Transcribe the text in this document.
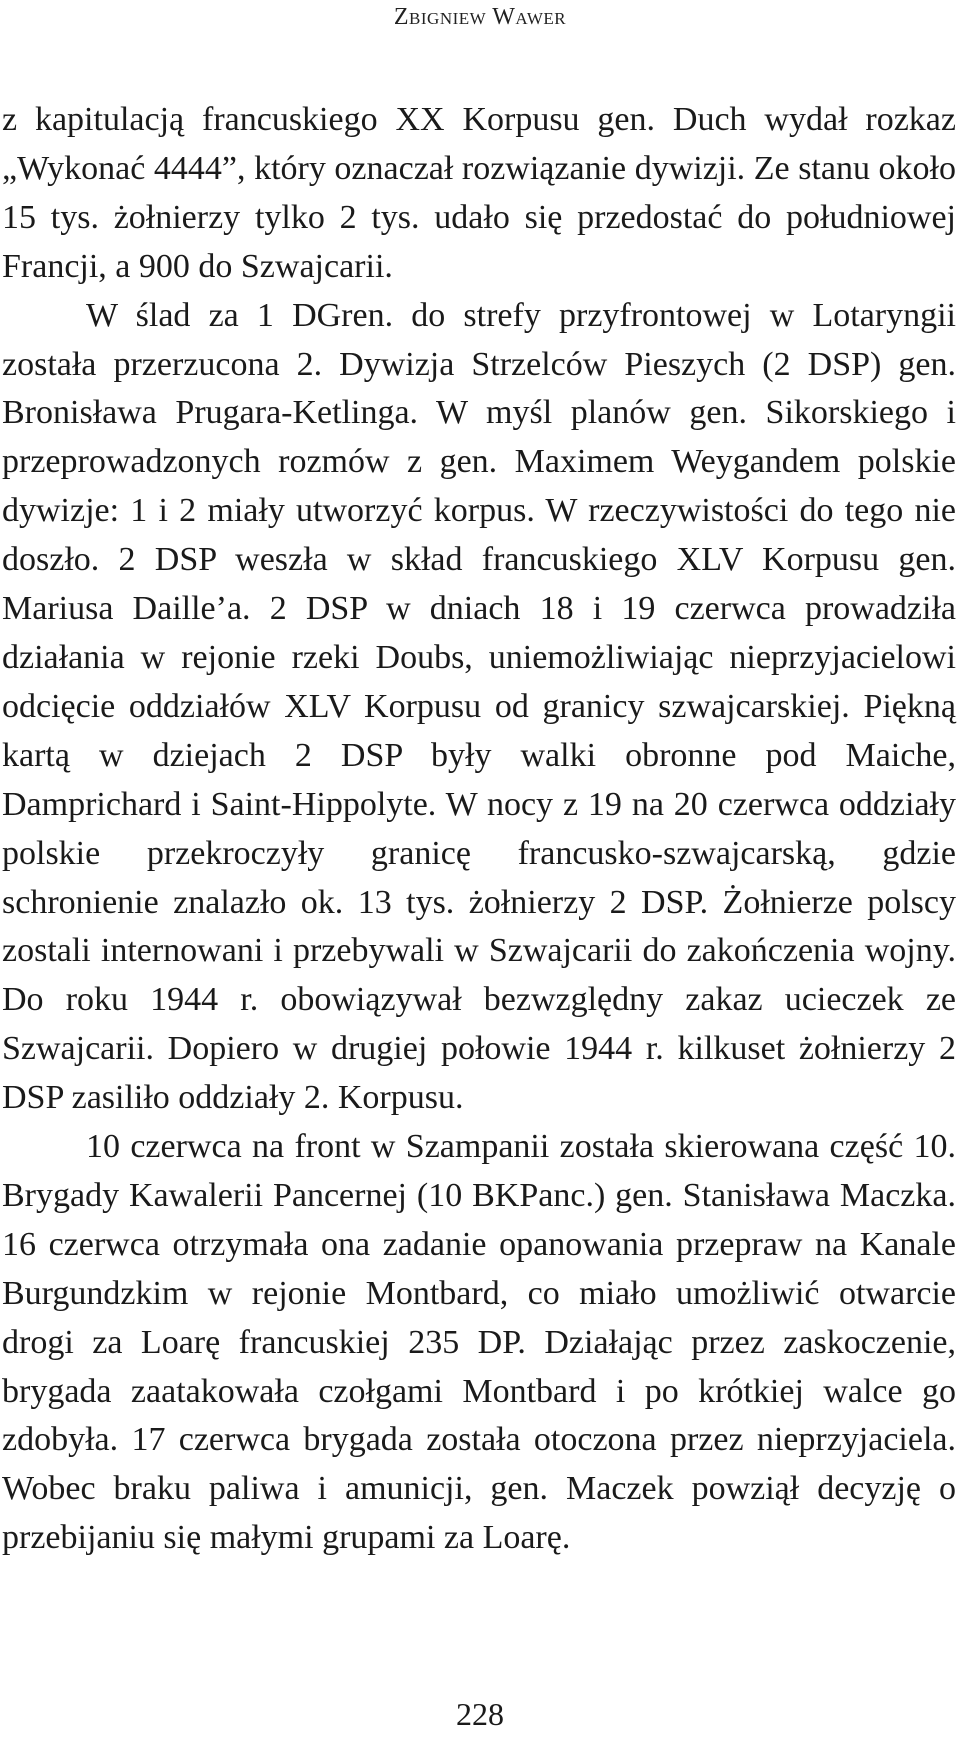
Zbigniew Wawer

z kapitulacją francuskiego XX Korpusu gen. Duch wydał rozkaz „Wykonać 4444”, który oznaczał rozwiązanie dywizji. Ze stanu około 15 tys. żołnierzy tylko 2 tys. udało się przedostać do południowej Francji, a 900 do Szwajcarii.

W ślad za 1 DGren. do strefy przyfrontowej w Lotaryngii została przerzucona 2. Dywizja Strzelców Pieszych (2 DSP) gen. Bronisława Prugara-Ketlinga. W myśl planów gen. Sikorskiego i przeprowadzonych rozmów z gen. Maximem Weygandem polskie dywizje: 1 i 2 miały utworzyć korpus. W rzeczywistości do tego nie doszło. 2 DSP weszła w skład francuskiego XLV Korpusu gen. Mariusa Daille’a. 2 DSP w dniach 18 i 19 czerwca prowadziła działania w rejonie rzeki Doubs, uniemożliwiając nieprzyjacielowi odcięcie oddziałów XLV Korpusu od granicy szwajcarskiej. Piękną kartą w dziejach 2 DSP były walki obronne pod Maiche, Damprichard i Saint-Hippolyte. W nocy z 19 na 20 czerwca oddziały polskie przekroczyły granicę francusko-szwajcarską, gdzie schronienie znalazło ok. 13 tys. żołnierzy 2 DSP. Żołnierze polscy zostali internowani i przebywali w Szwajcarii do zakończenia wojny. Do roku 1944 r. obowiązywał bezwzględny zakaz ucieczek ze Szwajcarii. Dopiero w drugiej połowie 1944 r. kilkuset żołnierzy 2 DSP zasiliło oddziały 2. Korpusu.

10 czerwca na front w Szampanii została skierowana część 10. Brygady Kawalerii Pancernej (10 BKPanc.) gen. Stanisława Maczka. 16 czerwca otrzymała ona zadanie opanowania przepraw na Kanale Burgundzkim w rejonie Montbard, co miało umożliwić otwarcie drogi za Loarę francuskiej 235 DP. Działając przez zaskoczenie, brygada zaatakowała czołgami Montbard i po krótkiej walce go zdobyła. 17 czerwca brygada została otoczona przez nieprzyjaciela. Wobec braku paliwa i amunicji, gen. Maczek powziął decyzję o przebijaniu się małymi grupami za Loarę.

228
